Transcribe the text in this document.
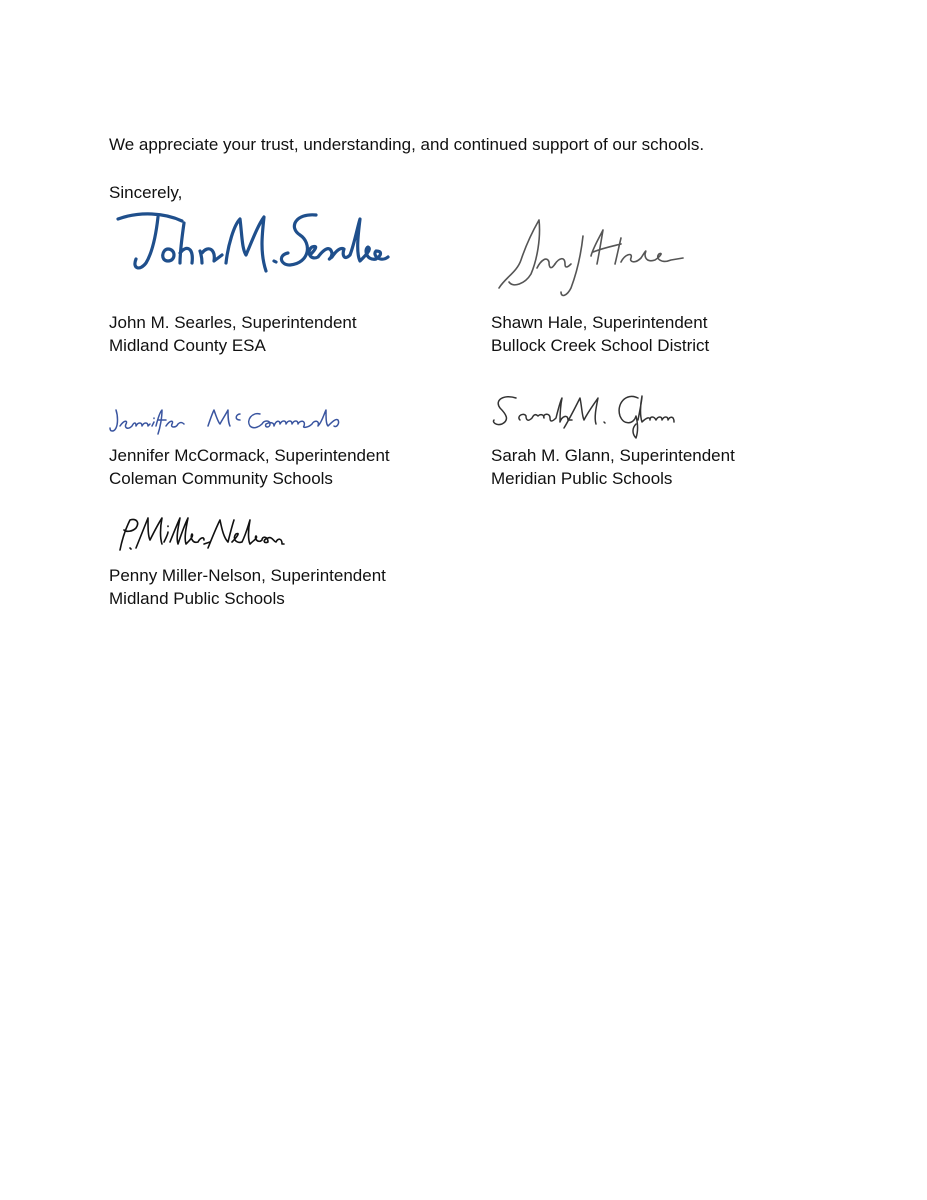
We appreciate your trust, understanding, and continued support of our schools.
Sincerely,
John M. Searles, Superintendent
Midland County ESA
Shawn Hale, Superintendent
Bullock Creek School District
Jennifer McCormack, Superintendent
Coleman Community Schools
Sarah M. Glann, Superintendent
Meridian Public Schools
Penny Miller-Nelson, Superintendent
Midland Public Schools
